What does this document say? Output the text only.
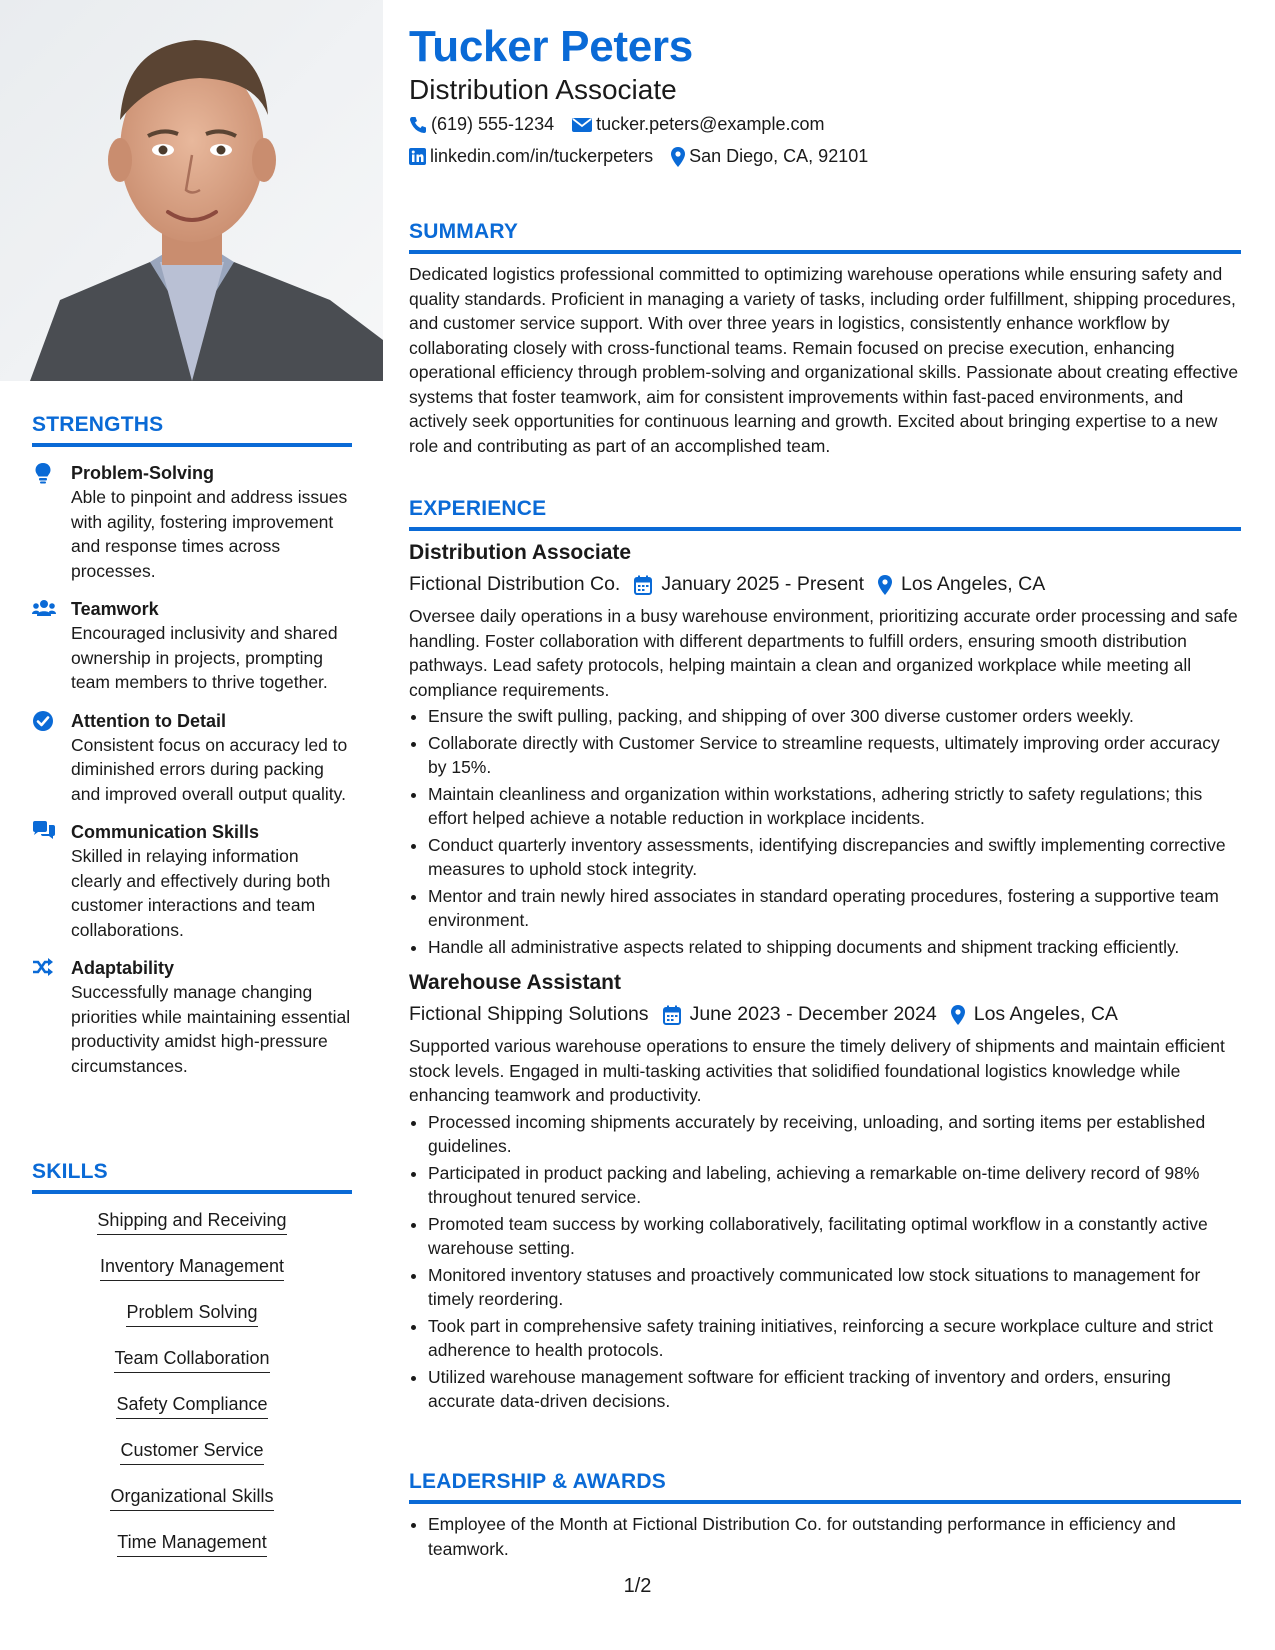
STRENGTHS
Problem-Solving
Able to pinpoint and address issues with agility, fostering improvement and response times across processes.
Teamwork
Encouraged inclusivity and shared ownership in projects, prompting team members to thrive together.
Attention to Detail
Consistent focus on accuracy led to diminished errors during packing and improved overall output quality.
Communication Skills
Skilled in relaying information clearly and effectively during both customer interactions and team collaborations.
Adaptability
Successfully manage changing priorities while maintaining essential productivity amidst high-pressure circumstances.
SKILLS
Shipping and Receiving
Inventory Management
Problem Solving
Team Collaboration
Safety Compliance
Customer Service
Organizational Skills
Time Management
Tucker Peters
Distribution Associate
(619) 555-1234 tucker.peters@example.com
linkedin.com/in/tuckerpeters San Diego, CA, 92101
SUMMARY

Dedicated logistics professional committed to optimizing warehouse operations while ensuring safety and quality standards. Proficient in managing a variety of tasks, including order fulfillment, shipping procedures, and customer service support. With over three years in logistics, consistently enhance workflow by collaborating closely with cross-functional teams. Remain focused on precise execution, enhancing operational efficiency through problem-solving and organizational skills. Passionate about creating effective systems that foster teamwork, aim for consistent improvements within fast-paced environments, and actively seek opportunities for continuous learning and growth. Excited about bringing expertise to a new role and contributing as part of an accomplished team.

EXPERIENCE
Distribution Associate
Fictional Distribution Co. January 2025 - Present Los Angeles, CA

Oversee daily operations in a busy warehouse environment, prioritizing accurate order processing and safe handling. Foster collaboration with different departments to fulfill orders, ensuring smooth distribution pathways. Lead safety protocols, helping maintain a clean and organized workplace while meeting all compliance requirements.

• Ensure the swift pulling, packing, and shipping of over 300 diverse customer orders weekly.
• Collaborate directly with Customer Service to streamline requests, ultimately improving order accuracy by 15%.
• Maintain cleanliness and organization within workstations, adhering strictly to safety regulations; this effort helped achieve a notable reduction in workplace incidents.
• Conduct quarterly inventory assessments, identifying discrepancies and swiftly implementing corrective measures to uphold stock integrity.
• Mentor and train newly hired associates in standard operating procedures, fostering a supportive team environment.
• Handle all administrative aspects related to shipping documents and shipment tracking efficiently.
Warehouse Assistant
Fictional Shipping Solutions June 2023 - December 2024 Los Angeles, CA

Supported various warehouse operations to ensure the timely delivery of shipments and maintain efficient stock levels. Engaged in multi-tasking activities that solidified foundational logistics knowledge while enhancing teamwork and productivity.

• Processed incoming shipments accurately by receiving, unloading, and sorting items per established guidelines.
• Participated in product packing and labeling, achieving a remarkable on-time delivery record of 98% throughout tenured service.
• Promoted team success by working collaboratively, facilitating optimal workflow in a constantly active warehouse setting.
• Monitored inventory statuses and proactively communicated low stock situations to management for timely reordering.
• Took part in comprehensive safety training initiatives, reinforcing a secure workplace culture and strict adherence to health protocols.
• Utilized warehouse management software for efficient tracking of inventory and orders, ensuring accurate data-driven decisions.
LEADERSHIP & AWARDS
• Employee of the Month at Fictional Distribution Co. for outstanding performance in efficiency and teamwork.
1/2
